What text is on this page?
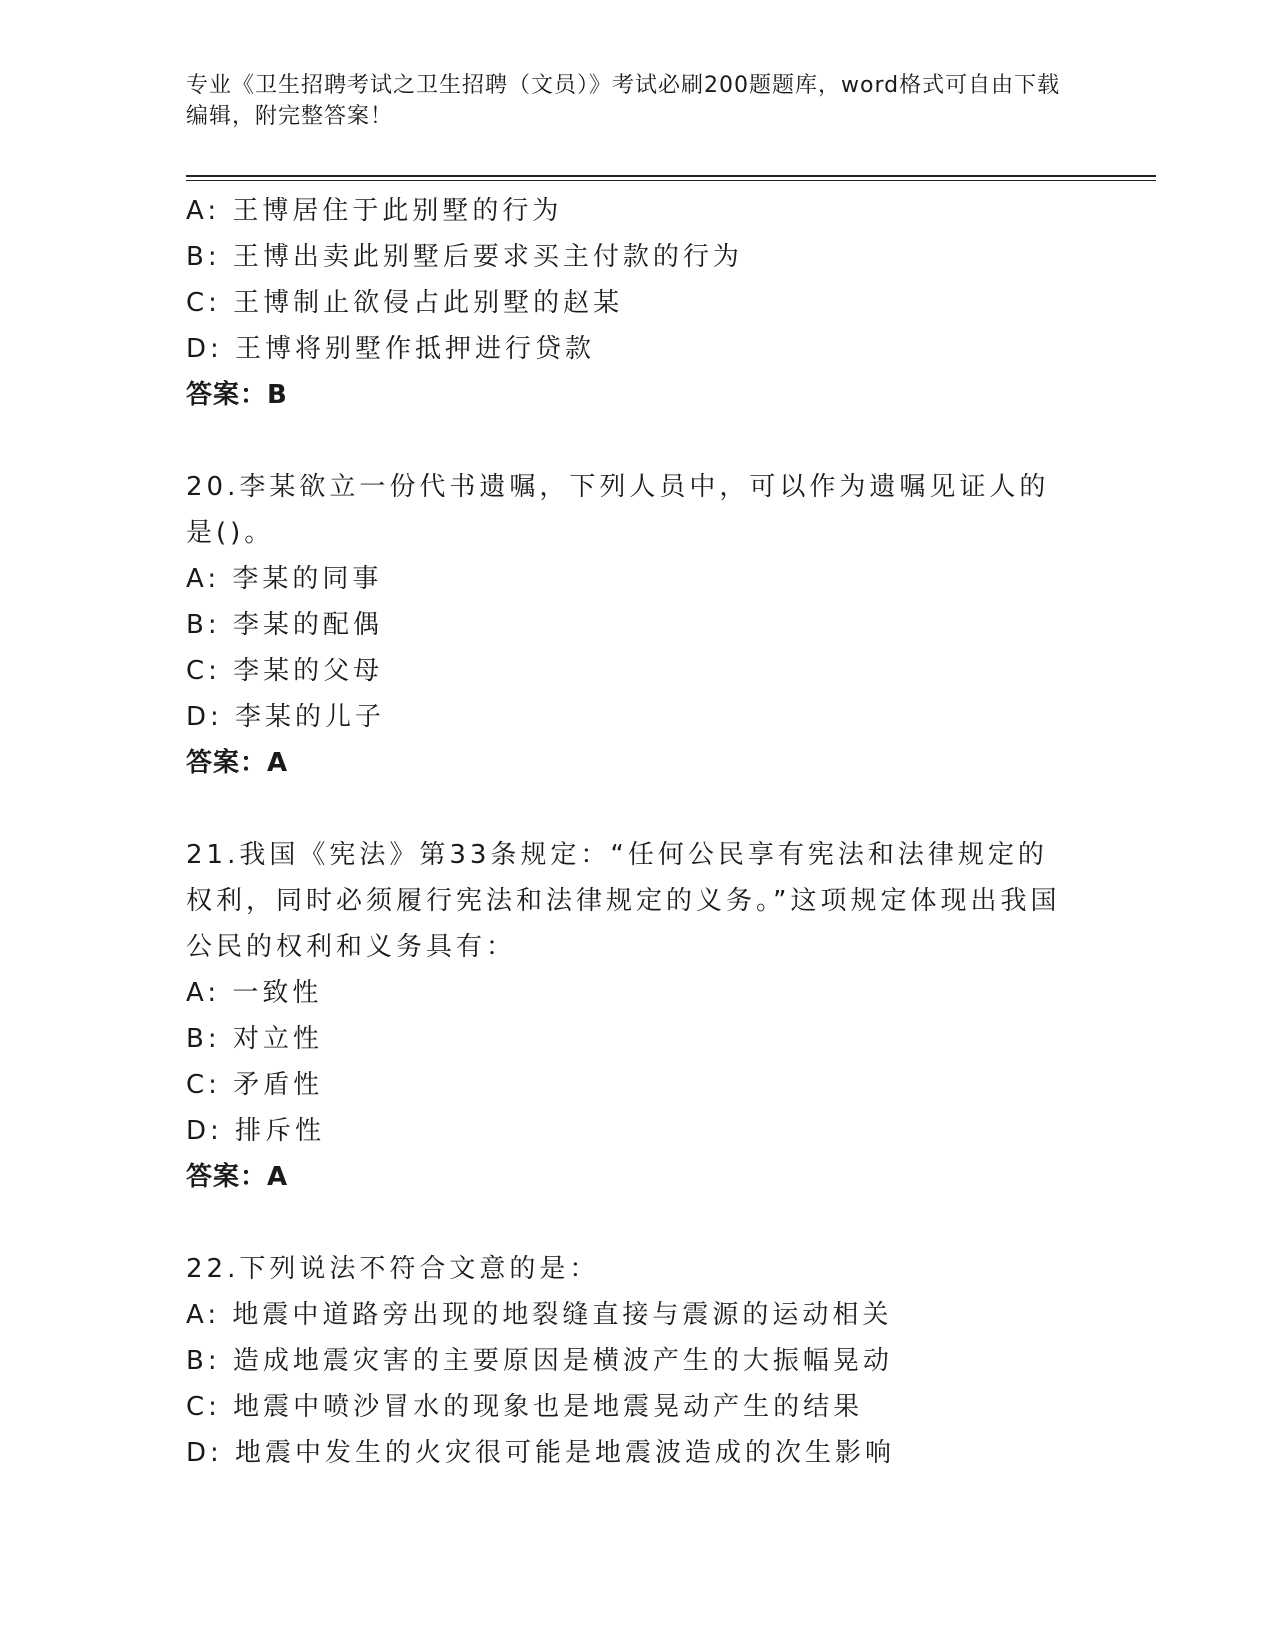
专业《卫生招聘考试之卫生招聘（文员）》考试必刷200题题库，word格式可自由下载编辑，附完整答案！

A: 王博居住于此别墅的行为
B: 王博出卖此别墅后要求买主付款的行为
C: 王博制止欲侵占此别墅的赵某
D: 王博将别墅作抵押进行贷款
答案：B
20.李某欲立一份代书遗嘱，下列人员中，可以作为遗嘱见证人的是()。
A: 李某的同事
B: 李某的配偶
C: 李某的父母
D: 李某的儿子
答案：A
21.我国《宪法》第33条规定：“任何公民享有宪法和法律规定的权利，同时必须履行宪法和法律规定的义务。”这项规定体现出我国公民的权利和义务具有：
A: 一致性
B: 对立性
C: 矛盾性
D: 排斥性
答案：A
22.下列说法不符合文意的是：
A: 地震中道路旁出现的地裂缝直接与震源的运动相关
B: 造成地震灾害的主要原因是横波产生的大振幅晃动
C: 地震中喷沙冒水的现象也是地震晃动产生的结果
D: 地震中发生的火灾很可能是地震波造成的次生影响
